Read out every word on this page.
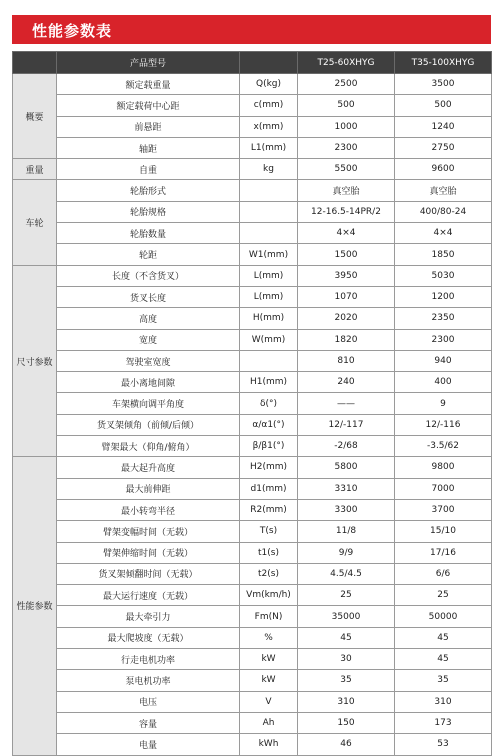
性能参数表
	产品型号		T25-60XHYG	T35-100XHYG
概要	额定载重量	Q(kg)	2500	3500
	额定载荷中心距	c(mm)	500	500
	前悬距	x(mm)	1000	1240
	轴距	L1(mm)	2300	2750
重量	自重	kg	5500	9600
车轮	轮胎形式		真空胎	真空胎
	轮胎规格		12-16.5-14PR/2	400/80-24
	轮胎数量		4×4	4×4
	轮距	W1(mm)	1500	1850
尺寸参数	长度（不含货叉）	L(mm)	3950	5030
	货叉长度	L(mm)	1070	1200
	高度	H(mm)	2020	2350
	宽度	W(mm)	1820	2300
	驾驶室宽度		810	940
	最小离地间隙	H1(mm)	240	400
	车架横向调平角度	δ(°)	——	9
	货叉架倾角（前倾/后倾）	α/α1(°)	12/-117	12/-116
	臂架最大（仰角/俯角）	β/β1(°)	-2/68	-3.5/62
性能参数	最大起升高度	H2(mm)	5800	9800
	最大前伸距	d1(mm)	3310	7000
	最小转弯半径	R2(mm)	3300	3700
	臂架变幅时间（无载）	T(s)	11/8	15/10
	臂架伸缩时间（无载）	t1(s)	9/9	17/16
	货叉架倾翻时间（无载）	t2(s)	4.5/4.5	6/6
	最大运行速度（无载）	Vm(km/h)	25	25
	最大牵引力	Fm(N)	35000	50000
	最大爬坡度（无载）	%	45	45
	行走电机功率	kW	30	45
	泵电机功率	kW	35	35
	电压	V	310	310
	容量	Ah	150	173
	电量	kWh	46	53
